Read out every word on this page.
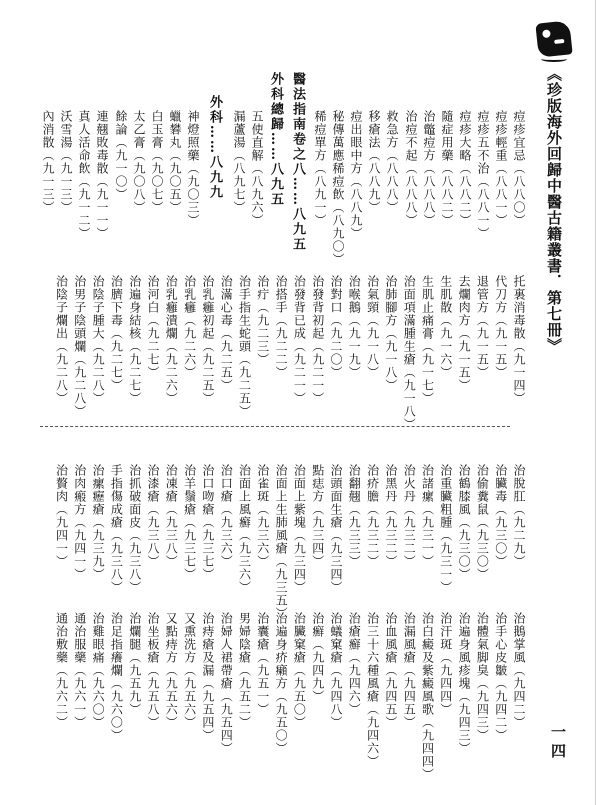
《珍版海外回歸中醫古籍叢書．第七冊》
一四
痘疹宜忌（八八〇）
痘疹輕重（八八一）
痘疹五不治（八八一）
痘疹大略（八八二）
隨症用藥（八八二）
治鼈痘方（八八八）
治痘不起（八八八）
救急方（八八八）
移瘡法（八八九）
痘出眼中方（八八九）
秘傳萬應稀痘飲（八九〇）
稀痘單方（八九一）
醫法指南卷之八……八九五
外科總歸……八九五
五使直解（八九六）
漏蘆湯（八九七）
外科……八九九
神燈照藥（九〇三）
蠟礬丸（九〇五）
白玉膏（九〇七）
太乙膏（九〇八）
餘論（九一〇）
連翹敗毒散（九一一）
真人活命飲（九一二）
沃雪湯（九一三）
內消散（九一三）
托裏消毒散（九一四）
代刀方（九一五）
退管方（九一五）
去爛肉方（九一五）
生肌散（九一六）
生肌止痛膏（九一七）
治面項滿腫生瘡（九一八）
治肺腳方（九一八）
治氣頸（九一八）
治喉鵝（九一九）
治對口（九二〇）
治發背初起（九二一）
治發背已成（九二一）
治搭手（九二二）
治疔（九二三）
治手指生蛇頭（九二五）
治滿心毒（九二五）
治乳癰初起（九二五）
治乳癰（九二六）
治乳癰潰爛（九二六）
治河白（九二七）
治遍身結核（九二七）
治臍下毒（九二七）
治陰子腫大（九二八）
治男子陰頭爛（九二八）
治陰子爛出（九二八）
治脫肛（九二九）
治臟毒（九三〇）
治偷糞鼠（九三〇）
治鶴膝風（九三〇）
治重臟粗腫（九三一）
治諸瘰（九三一）
治火丹（九三二）
治黑丹（九三二）
治疥膽（九三二）
治翻翹（九三三）
治頭面生瘡（九三四）
點痣方（九三四）
治面上紫塊（九三四）
治面上生肺風瘡（九三五）
治雀斑（九三六）
治面上風癬（九三六）
治口瘡（九三六）
治口吻瘡（九三七）
治羊鬚瘡（九三七）
治凍瘡（九三八）
治漆瘡（九三八）
治抓破面皮（九三八）
手指傷成瘡（九三八）
治瘰癧瘡（九三九）
治肉瘢方（九四一）
治贅肉（九四一）
治鵝掌風（九四二）
治手心皮皺（九四二）
治體氣脚臭（九四三）
治遍身風疹塊（九四三）
治汗斑（九四四）
治白癜及紫癜風歌（九四四）
治漏風瘡（九四五）
治血風瘡（九四五）
治三十六種風瘡（九四六）
治瘡癬（九四六）
治蟻窠瘡（九四八）
治癬（九四九）
治臟窠瘡（九五〇）
治遍身疥癩方（九五〇）
治囊瘡（九五一）
男婦陰瘡（九五二）
治婦人裙帶瘡（九五四）
治痔瘡及漏（九五四）
又熏洗方（九五六）
又點痔方（九五六）
治坐板瘡（九五八）
治爛腿（九五九）
治足指癢爛（九六〇）
治雞眼痛（九六〇）
通治服藥（九六一）
通治敷藥（九六二）
